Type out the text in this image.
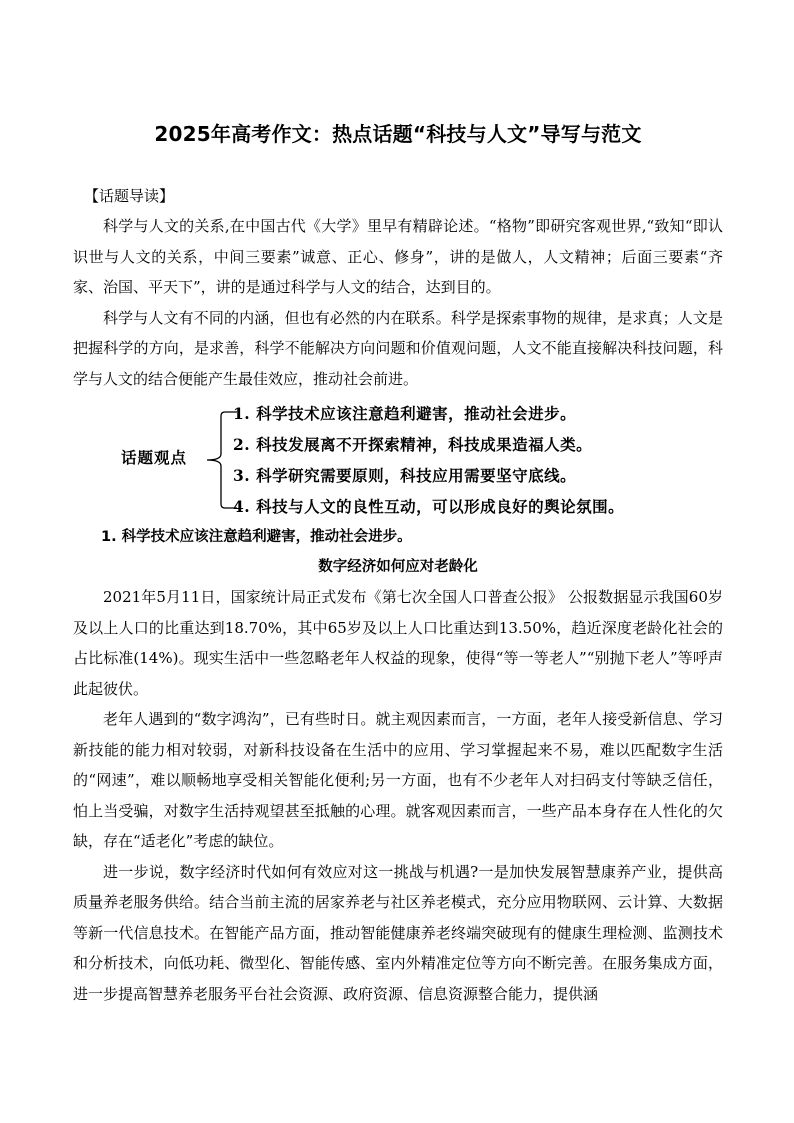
2025年高考作文：热点话题“科技与人文”导写与范文
【话题导读】

科学与人文的关系,在中国古代《大学》里早有精辟论述。“格物”即研究客观世界,“致知“即认识世与人文的关系，中间三要素”诚意、正心、修身”，讲的是做人，人文精神；后面三要素“齐家、治国、平天下”，讲的是通过科学与人文的结合，达到目的。

科学与人文有不同的内涵，但也有必然的内在联系。科学是探索事物的规律，是求真；人文是把握科学的方向，是求善，科学不能解决方向问题和价值观问题，人文不能直接解决科技问题，科学与人文的结合便能产生最佳效应，推动社会前进。

话题观点
1. 科学技术应该注意趋利避害，推动社会进步。
2. 科技发展离不开探索精神，科技成果造福人类。
3. 科学研究需要原则，科技应用需要坚守底线。
4. 科技与人文的良性互动，可以形成良好的舆论氛围。
1. 科学技术应该注意趋利避害，推动社会进步。
数字经济如何应对老龄化

2021年5月11日，国家统计局正式发布《第七次全国人口普查公报》 公报数据显示我国60岁及以上人口的比重达到18.70%，其中65岁及以上人口比重达到13.50%，趋近深度老龄化社会的占比标准(14%)。现实生活中一些忽略老年人权益的现象，使得“等一等老人”“别抛下老人”等呼声此起彼伏。

老年人遇到的“数字鸿沟”，已有些时日。就主观因素而言，一方面，老年人接受新信息、学习新技能的能力相对较弱，对新科技设备在生活中的应用、学习掌握起来不易，难以匹配数字生活的“网速”，难以顺畅地享受相关智能化便利;另一方面，也有不少老年人对扫码支付等缺乏信任，怕上当受骗，对数字生活持观望甚至抵触的心理。就客观因素而言，一些产品本身存在人性化的欠缺，存在“适老化”考虑的缺位。

进一步说，数字经济时代如何有效应对这一挑战与机遇?一是加快发展智慧康养产业，提供高质量养老服务供给。结合当前主流的居家养老与社区养老模式，充分应用物联网、云计算、大数据等新一代信息技术。在智能产品方面，推动智能健康养老终端突破现有的健康生理检测、监测技术和分析技术，向低功耗、微型化、智能传感、室内外精准定位等方向不断完善。在服务集成方面，进一步提高智慧养老服务平台社会资源、政府资源、信息资源整合能力，提供涵
